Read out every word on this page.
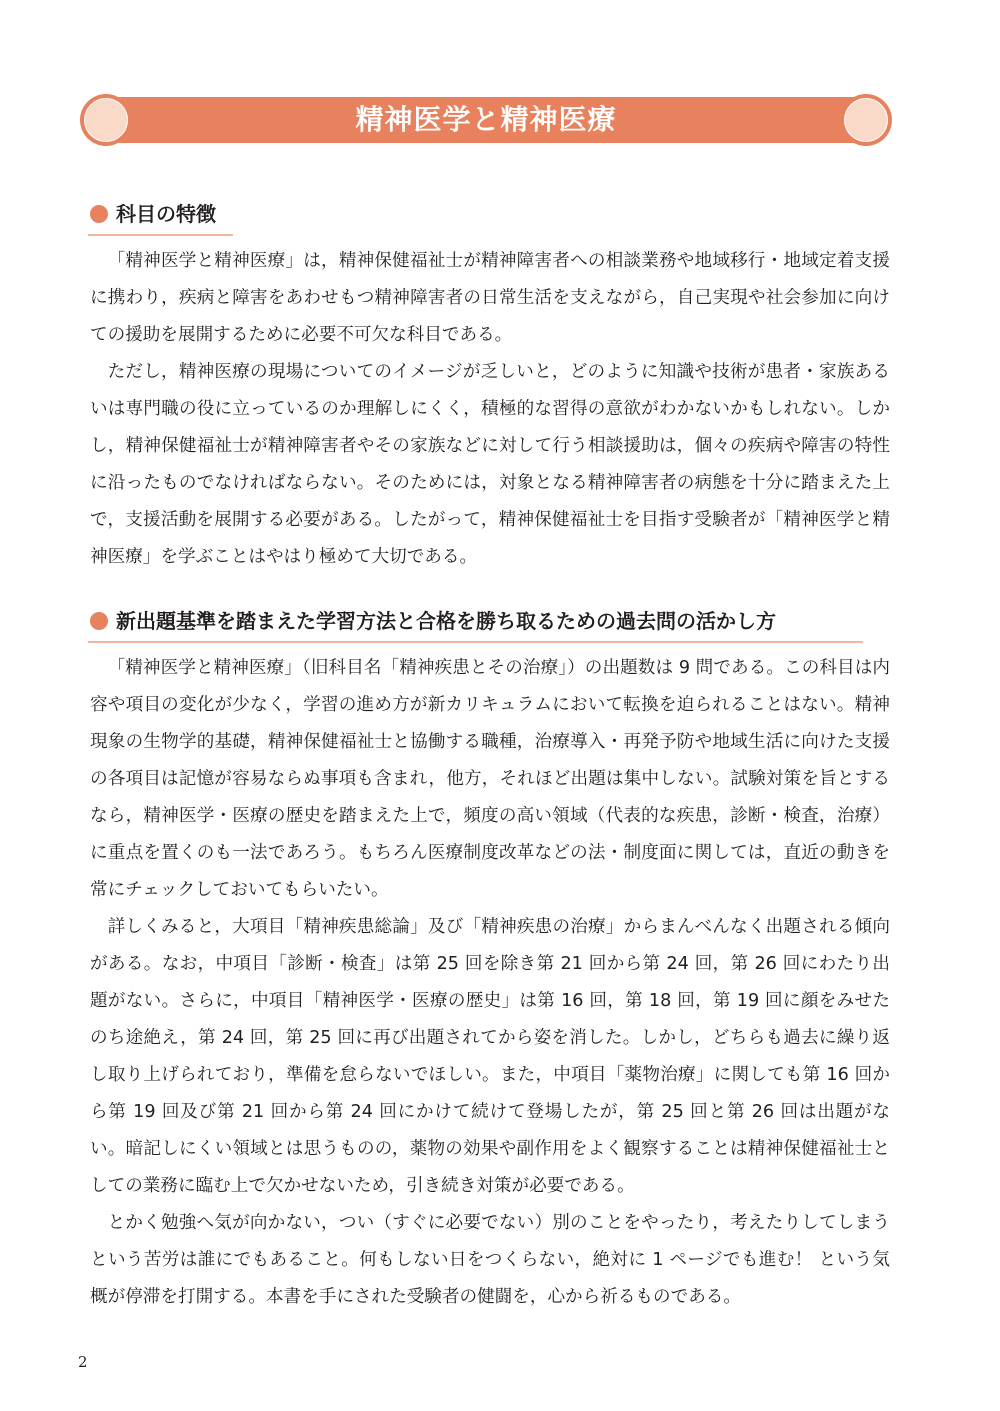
精神医学と精神医療
科目の特徴

「精神医学と精神医療」は，精神保健福祉士が精神障害者への相談業務や地域移行・地域定着支援に携わり，疾病と障害をあわせもつ精神障害者の日常生活を支えながら，自己実現や社会参加に向けての援助を展開するために必要不可欠な科目である。

ただし，精神医療の現場についてのイメージが乏しいと，どのように知識や技術が患者・家族あるいは専門職の役に立っているのか理解しにくく，積極的な習得の意欲がわかないかもしれない。しかし，精神保健福祉士が精神障害者やその家族などに対して行う相談援助は，個々の疾病や障害の特性に沿ったものでなければならない。そのためには，対象となる精神障害者の病態を十分に踏まえた上で，支援活動を展開する必要がある。したがって，精神保健福祉士を目指す受験者が「精神医学と精神医療」を学ぶことはやはり極めて大切である。

新出題基準を踏まえた学習方法と合格を勝ち取るための過去問の活かし方

「精神医学と精神医療」（旧科目名「精神疾患とその治療」）の出題数は 9 問である。この科目は内容や項目の変化が少なく，学習の進め方が新カリキュラムにおいて転換を迫られることはない。精神現象の生物学的基礎，精神保健福祉士と協働する職種，治療導入・再発予防や地域生活に向けた支援の各項目は記憶が容易ならぬ事項も含まれ，他方，それほど出題は集中しない。試験対策を旨とするなら，精神医学・医療の歴史を踏まえた上で，頻度の高い領域（代表的な疾患，診断・検査，治療）に重点を置くのも一法であろう。もちろん医療制度改革などの法・制度面に関しては，直近の動きを常にチェックしておいてもらいたい。

詳しくみると，大項目「精神疾患総論」及び「精神疾患の治療」からまんべんなく出題される傾向がある。なお，中項目「診断・検査」は第 25 回を除き第 21 回から第 24 回，第 26 回にわたり出題がない。さらに，中項目「精神医学・医療の歴史」は第 16 回，第 18 回，第 19 回に顔をみせたのち途絶え，第 24 回，第 25 回に再び出題されてから姿を消した。しかし，どちらも過去に繰り返し取り上げられており，準備を怠らないでほしい。また，中項目「薬物治療」に関しても第 16 回から第 19 回及び第 21 回から第 24 回にかけて続けて登場したが，第 25 回と第 26 回は出題がない。暗記しにくい領域とは思うものの，薬物の効果や副作用をよく観察することは精神保健福祉士としての業務に臨む上で欠かせないため，引き続き対策が必要である。

とかく勉強へ気が向かない，つい（すぐに必要でない）別のことをやったり，考えたりしてしまうという苦労は誰にでもあること。何もしない日をつくらない，絶対に 1 ページでも進む！ という気概が停滞を打開する。本書を手にされた受験者の健闘を，心から祈るものである。

2
